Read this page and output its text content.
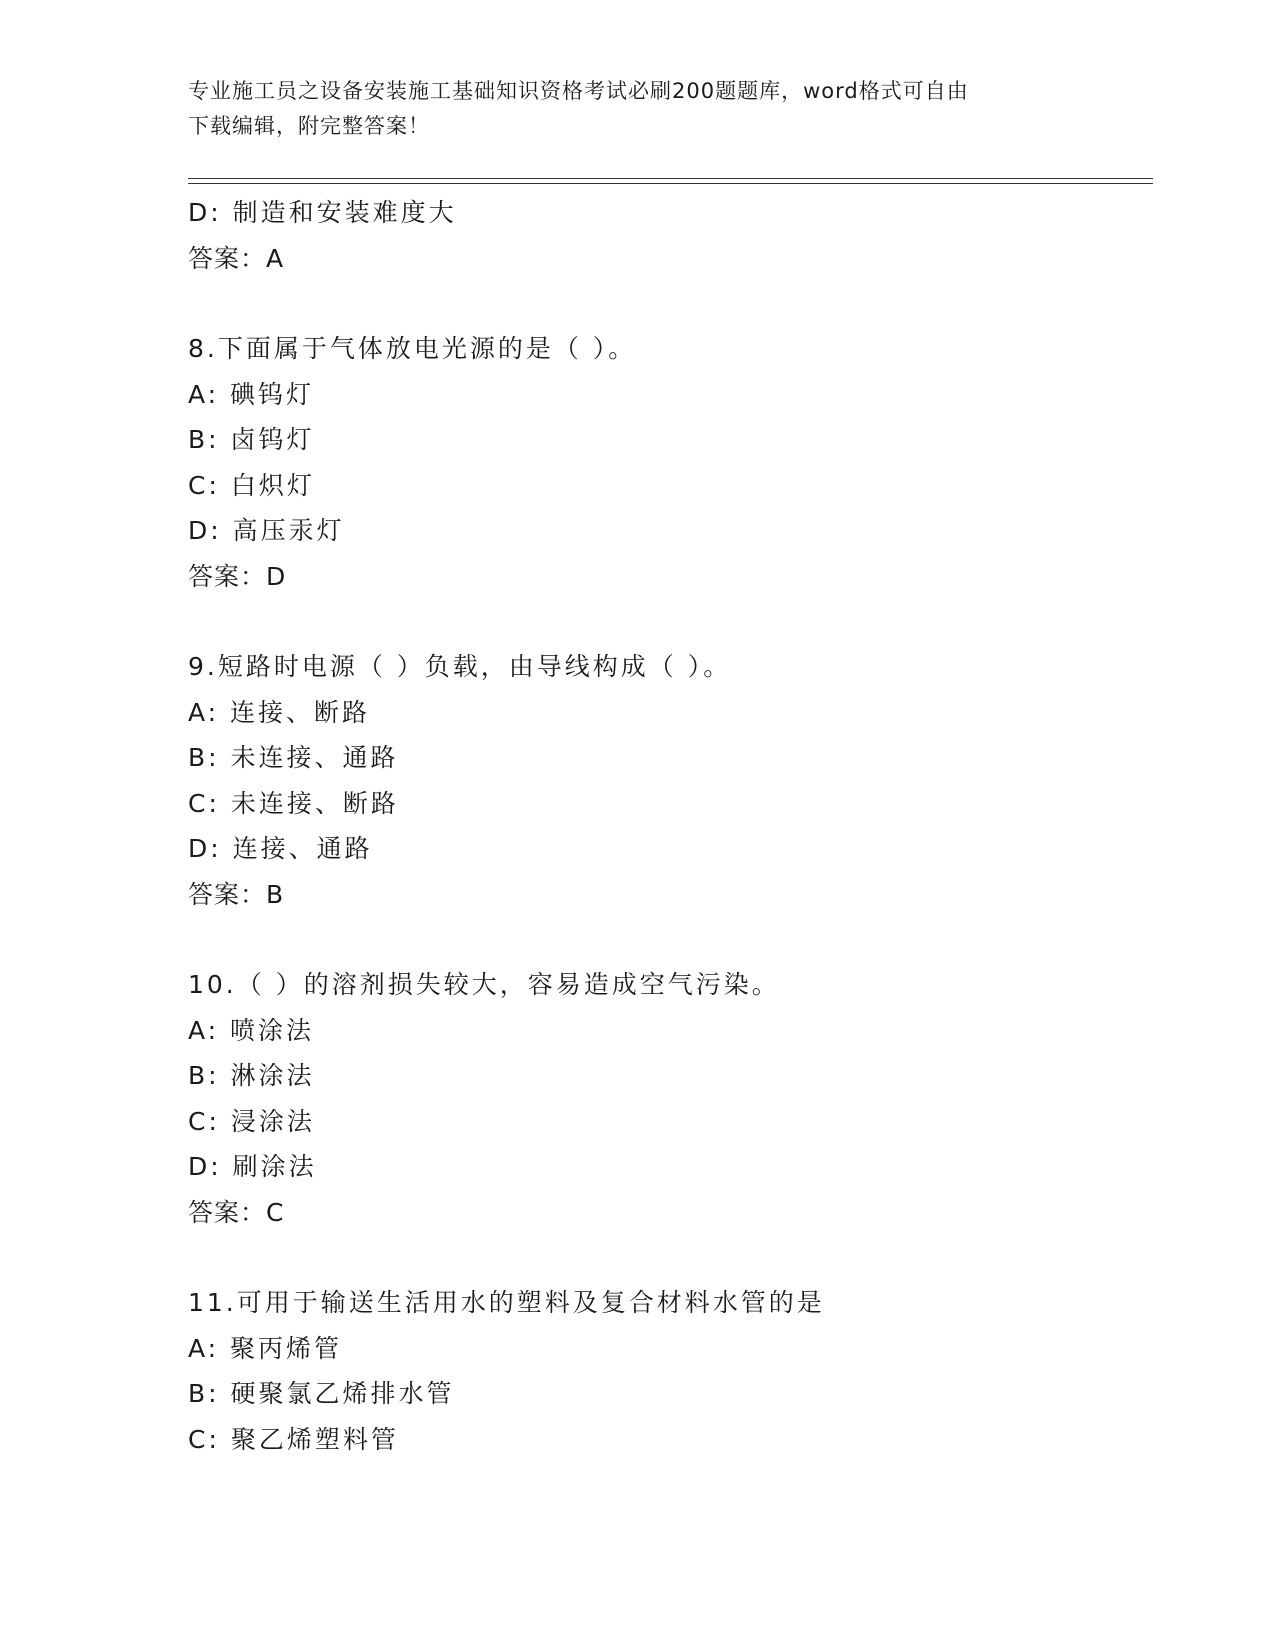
专业施工员之设备安装施工基础知识资格考试必刷200题题库，word格式可自由
下载编辑，附完整答案！
D: 制造和安装难度大
答案：A
8.下面属于气体放电光源的是（ ）。
A: 碘钨灯
B: 卤钨灯
C: 白炽灯
D: 高压汞灯
答案：D
9.短路时电源（ ）负载，由导线构成（ ）。
A: 连接、断路
B: 未连接、通路
C: 未连接、断路
D: 连接、通路
答案：B
10.（ ）的溶剂损失较大，容易造成空气污染。
A: 喷涂法
B: 淋涂法
C: 浸涂法
D: 刷涂法
答案：C
11.可用于输送生活用水的塑料及复合材料水管的是
A: 聚丙烯管
B: 硬聚氯乙烯排水管
C: 聚乙烯塑料管
